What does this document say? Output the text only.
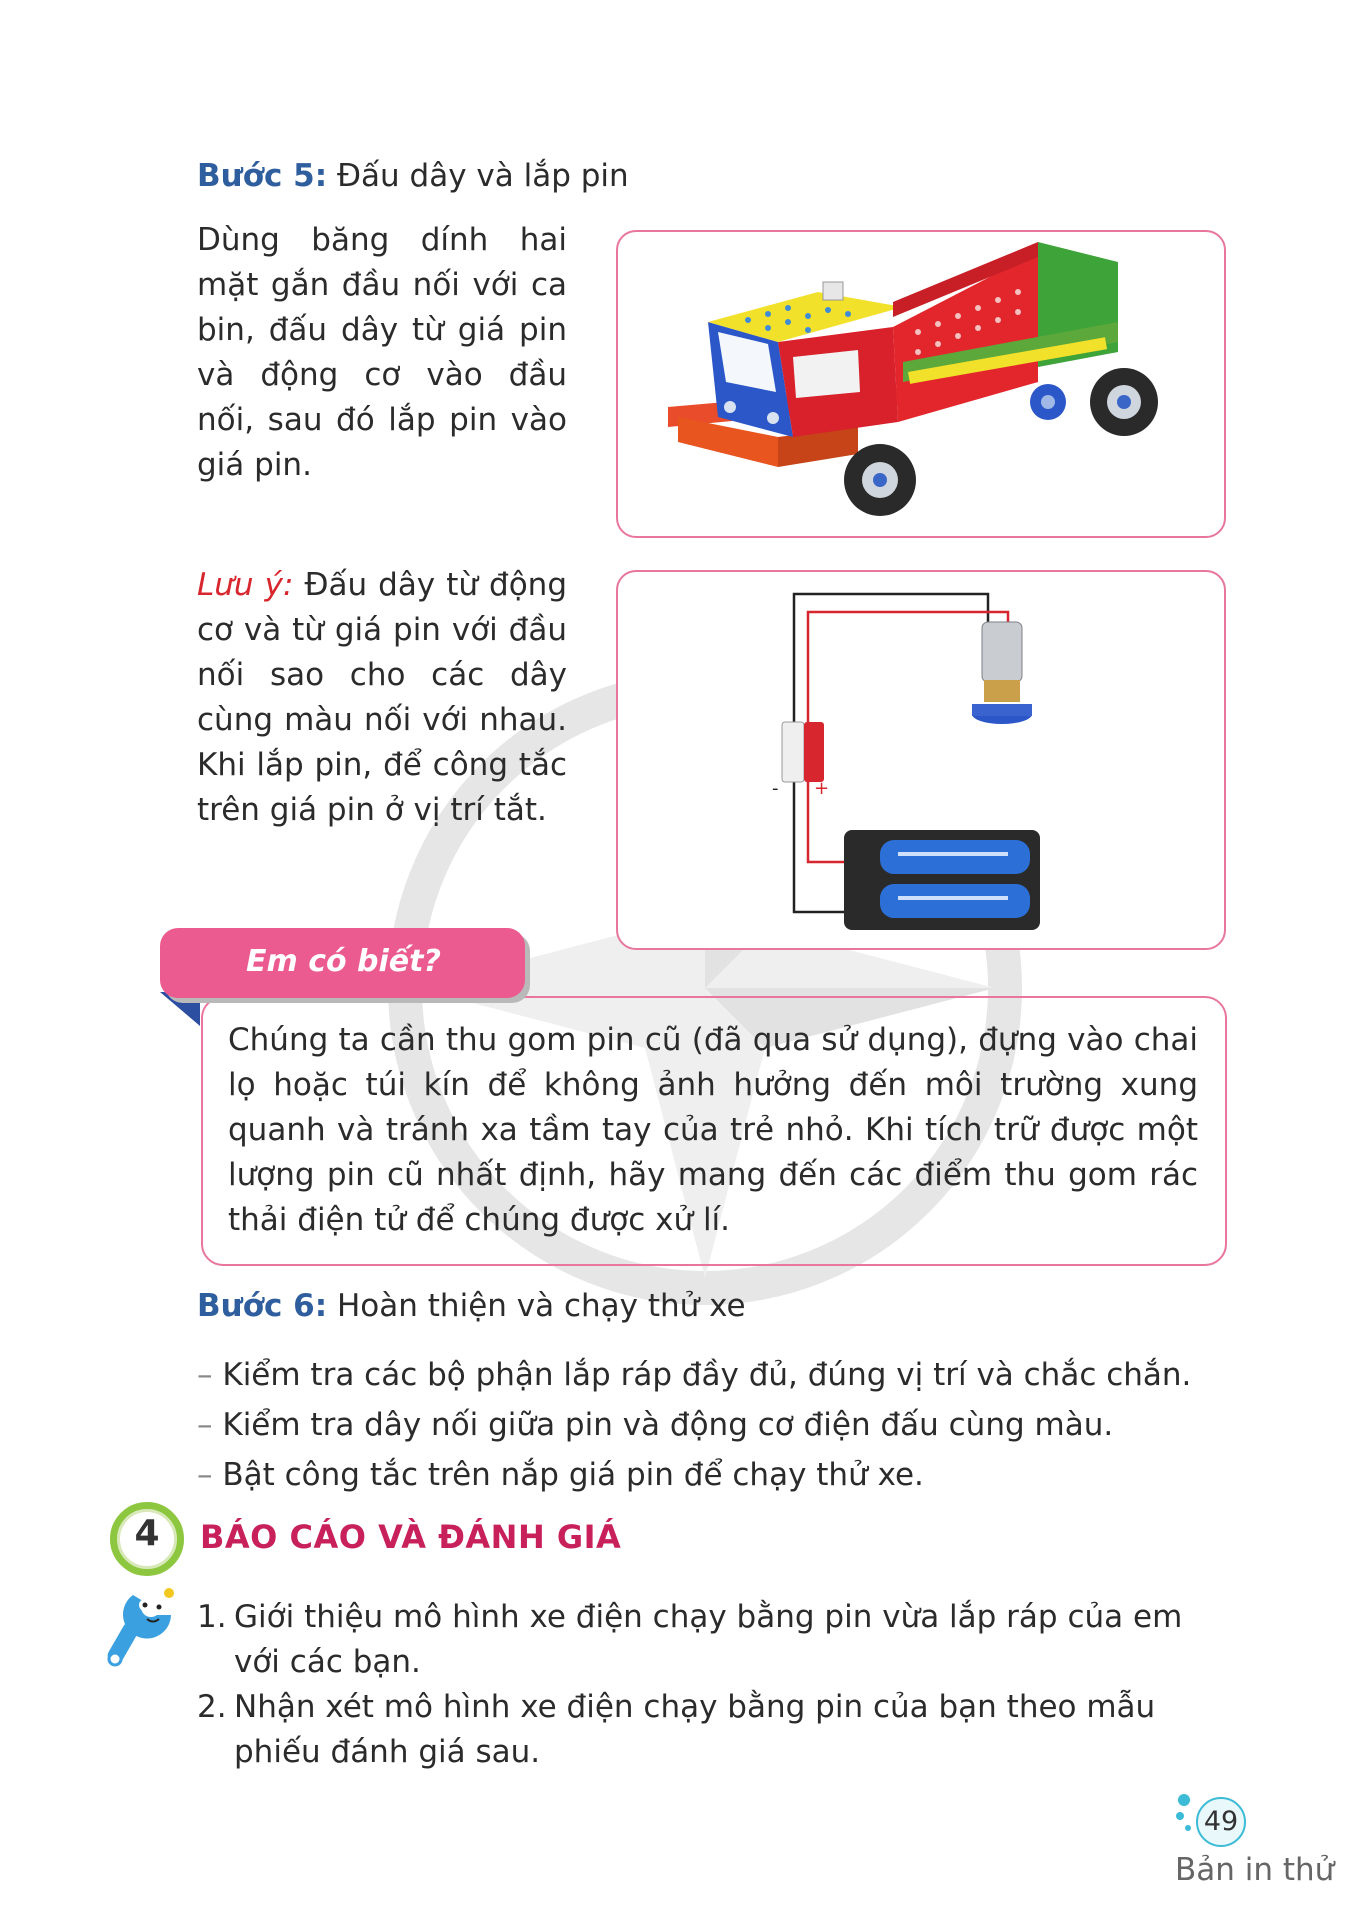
Bước 5: Đấu dây và lắp pin
Dùng băng dính hai mặt gắn đầu nối với ca bin, đấu dây từ giá pin và động cơ vào đầu nối, sau đó lắp pin vào giá pin.
Lưu ý: Đấu dây từ động cơ và từ giá pin với đầu nối sao cho các dây cùng màu nối với nhau. Khi lắp pin, để công tắc trên giá pin ở vị trí tắt.
- +
Em có biết?
Chúng ta cần thu gom pin cũ (đã qua sử dụng), đựng vào chai lọ hoặc túi kín để không ảnh hưởng đến môi trường xung quanh và tránh xa tầm tay của trẻ nhỏ. Khi tích trữ được một lượng pin cũ nhất định, hãy mang đến các điểm thu gom rác thải điện tử để chúng được xử lí.
Bước 6: Hoàn thiện và chạy thử xe
– Kiểm tra các bộ phận lắp ráp đầy đủ, đúng vị trí và chắc chắn.
– Kiểm tra dây nối giữa pin và động cơ điện đấu cùng màu.
– Bật công tắc trên nắp giá pin để chạy thử xe.
4	BÁO CÁO VÀ ĐÁNH GIÁ
1. Giới thiệu mô hình xe điện chạy bằng pin vừa lắp ráp của em với các bạn.
2. Nhận xét mô hình xe điện chạy bằng pin của bạn theo mẫu phiếu đánh giá sau.
49
Bản in thử
